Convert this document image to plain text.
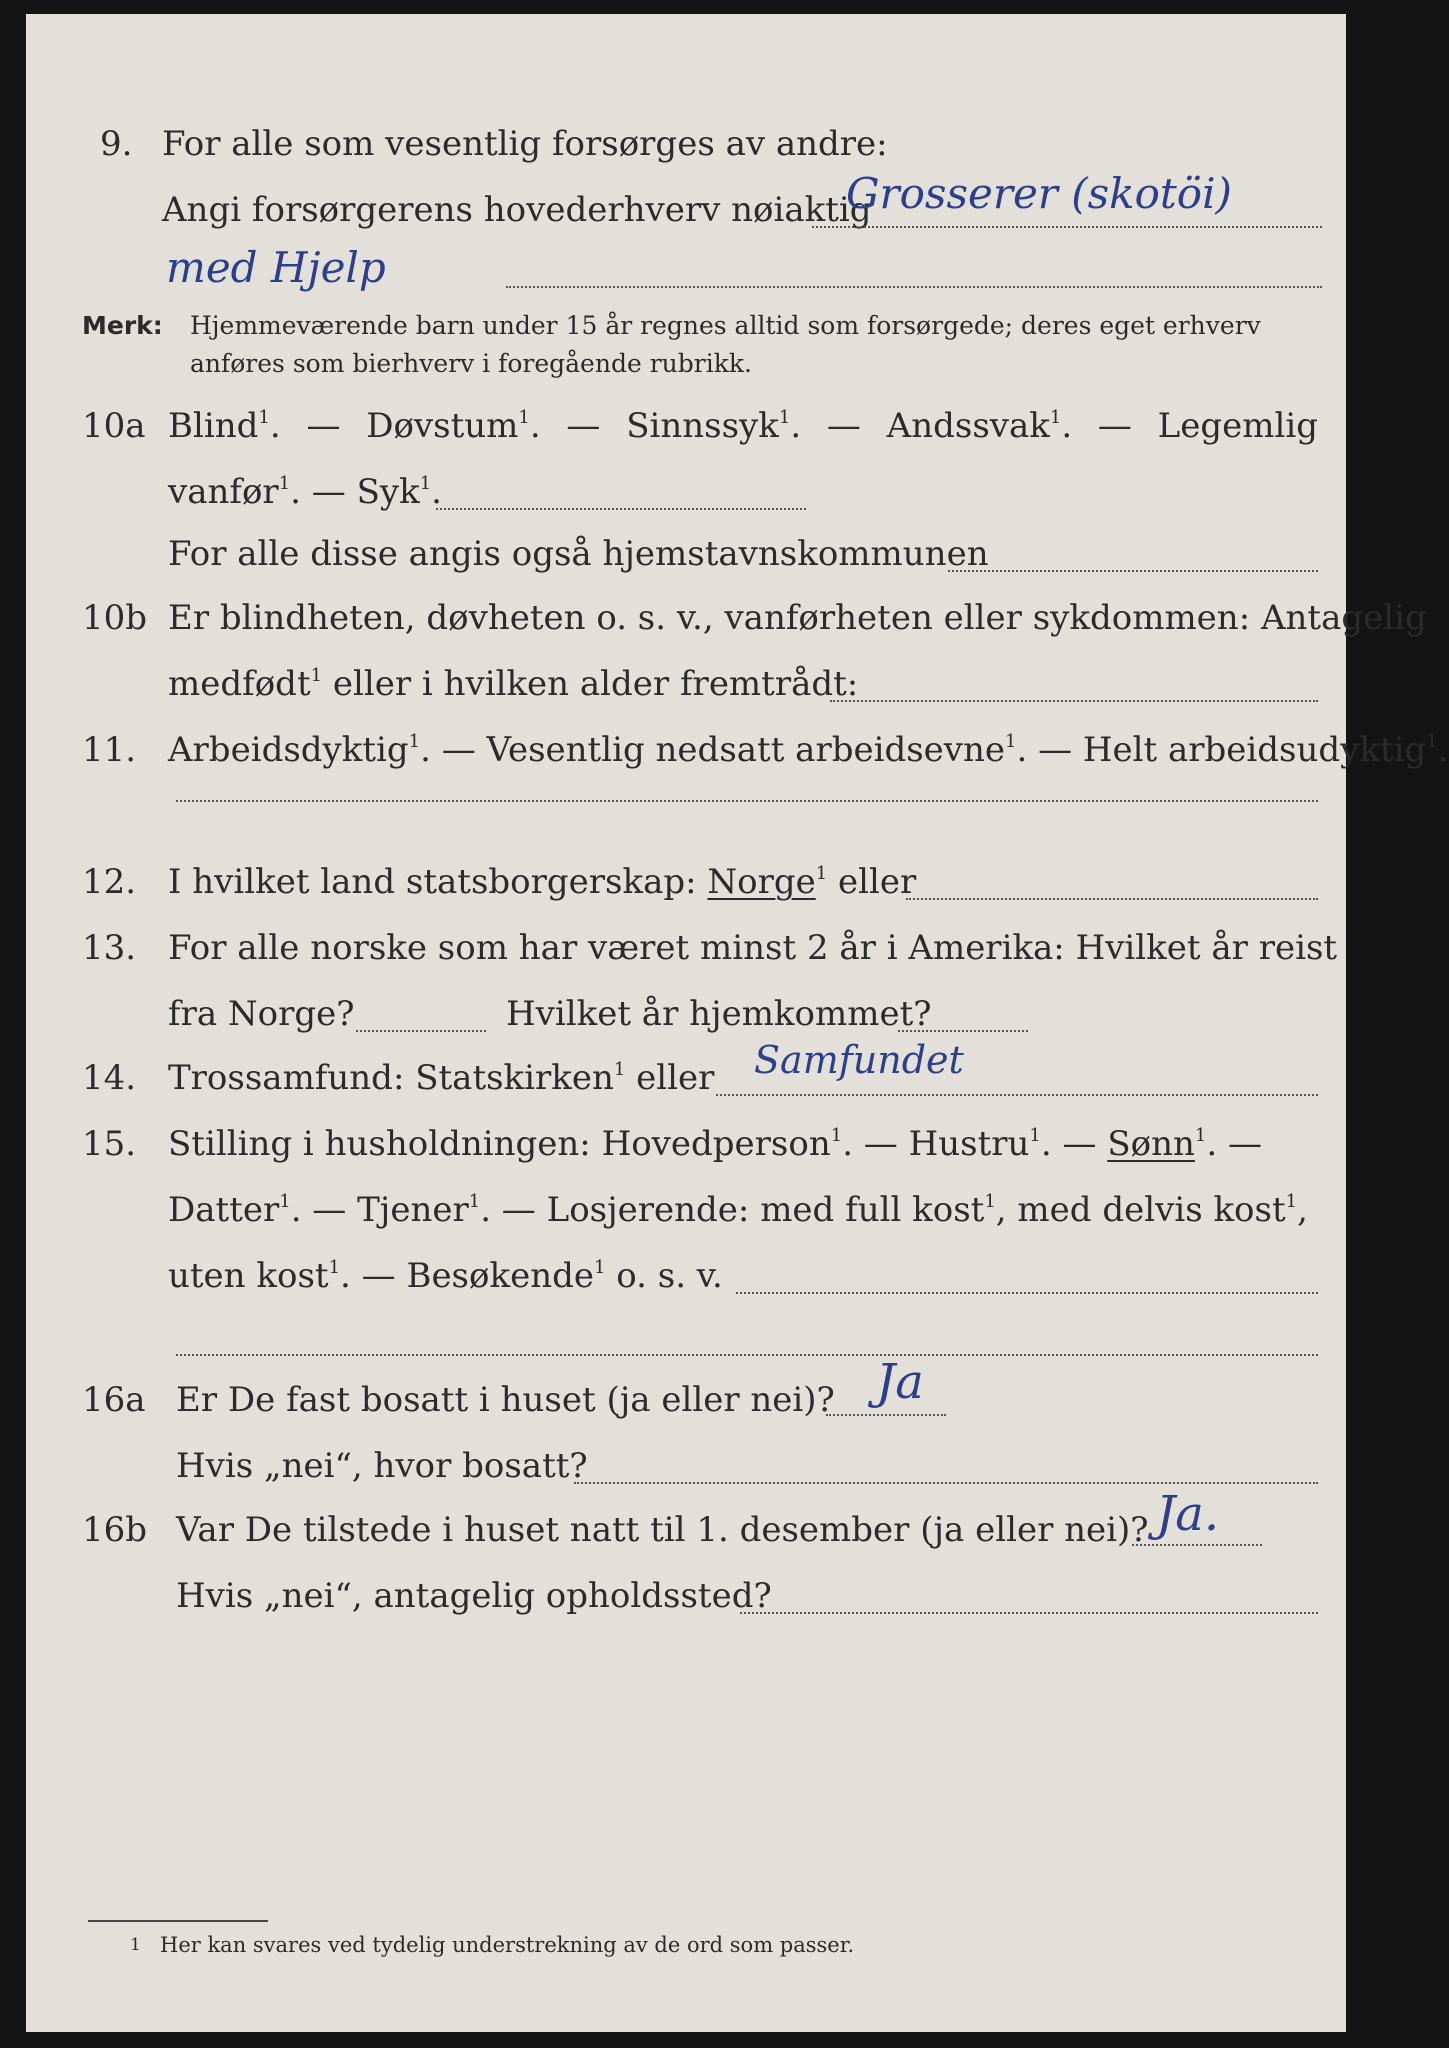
9. For alle som vesentlig forsørges av andre:
Angi forsørgerens hovederhverv nøiaktig
Grosserer (skotöi)
med Hjelp
Merk: Hjemmeværende barn under 15 år regnes alltid som forsørgede; deres eget erhverv
anføres som bierhverv i foregående rubrikk.
10a Blind$^1$. — Døvstum$^1$. — Sinnssyk$^1$. — Andssvak$^1$. — Legemlig
vanfør$^1$. — Syk$^1$.
For alle disse angis også hjemstavnskommunen
10b Er blindheten, døvheten o. s. v., vanførheten eller sykdommen: Antagelig
medfødt$^1$ eller i hvilken alder fremtrådt:
11. Arbeidsdyktig$^1$. — Vesentlig nedsatt arbeidsevne$^1$. — Helt arbeidsudyktig$^1$.
12. I hvilket land statsborgerskap: Norge$^1$ eller
13. For alle norske som har været minst 2 år i Amerika: Hvilket år reist
fra Norge?	Hvilket år hjemkommet?
14. Trossamfund: Statskirken$^1$ eller Samfundet
15. Stilling i husholdningen: Hovedperson$^1$. — Hustru$^1$. — Sønn$^1$. —
Datter$^1$. — Tjener$^1$. — Losjerende: med full kost$^1$, med delvis kost$^1$,
uten kost$^1$. — Besøkende$^1$ o. s. v.
16a Er De fast bosatt i huset (ja eller nei)? Ja
Hvis „nei“, hvor bosatt?
16b Var De tilstede i huset natt til 1. desember (ja eller nei)? Ja.
Hvis „nei“, antagelig opholdssted?
1 Her kan svares ved tydelig understrekning av de ord som passer.
